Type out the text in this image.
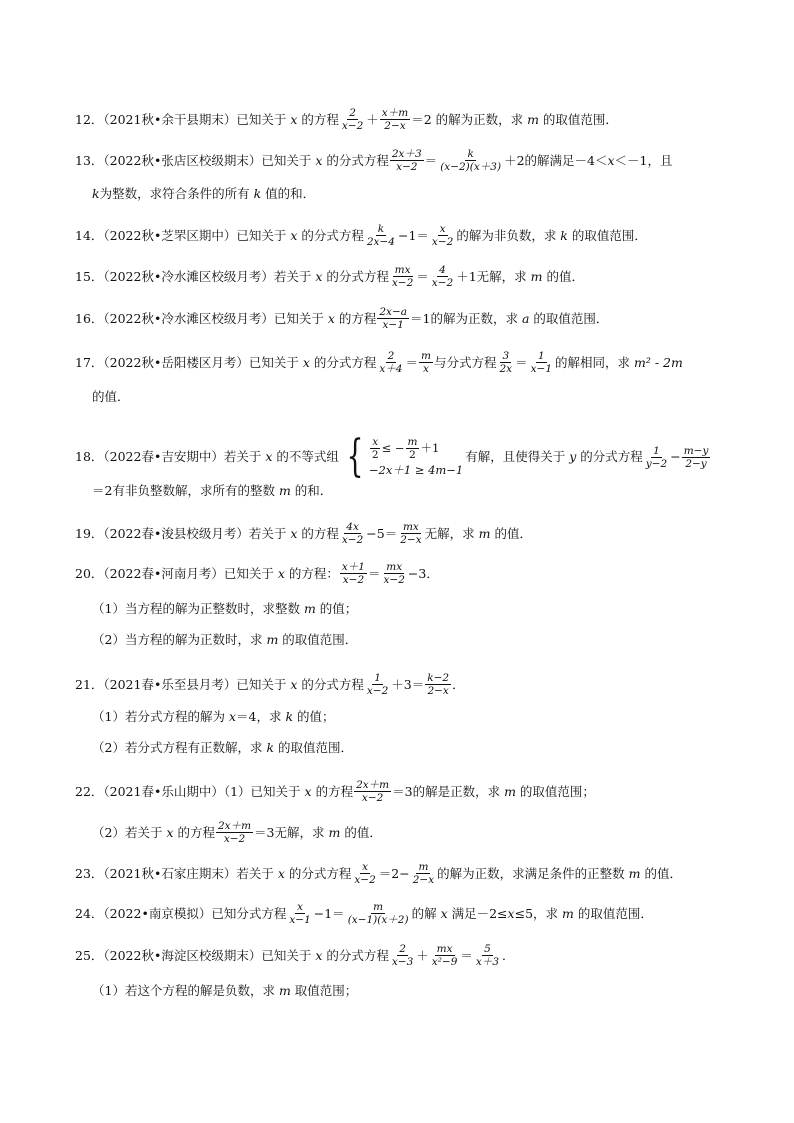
12．（2021秋•余干县期末）已知关于 x 的方程 $\frac{2}{x-2} + \frac{x+m}{2-x} =2$ 的解为正数，求 m 的取值范围．
13．（2022秋•张店区校级期末）已知关于 x 的分式方程 $\frac{2x+3}{x-2} = \frac{k}{(x-2)(x+3)} +2$的解满足－4＜ x ＜－1，且
k 为整数，求符合条件的所有 k 值的和．
14．（2022秋•芝罘区期中）已知关于 x 的分式方程 $\frac{k}{2x-4} -1= \frac{x}{x-2}$ 的解为非负数，求 k 的取值范围．
15．（2022秋•冷水滩区校级月考）若关于 x 的分式方程 $\frac{mx}{x-2} = \frac{4}{x-2} +1$无解，求 m 的值．
16．（2022秋•冷水滩区校级月考）已知关于 x 的方程 $\frac{2x-a}{x-1} =1$的解为正数，求 a 的取值范围．
17．（2022秋•岳阳楼区月考）已知关于 x 的分式方程 $\frac{2}{x+4} = \frac{m}{x}$ 与分式方程 $\frac{3}{2x} = \frac{1}{x-1}$ 的解相同，求 m² - 2m
的值．
18．（2022春•吉安期中）若关于 x 的不等式组 { $\frac{x}{2}$ ≤ − $\frac{m}{2} +1$
−2x＋1 ≥ 4m−1
有解，且使得关于 y 的分式方程 $\frac{1}{y-2} - \frac{m-y}{2-y}$
＝2有非负整数解，求所有的整数 m 的和．
19．（2022春•浚县校级月考）若关于 x 的方程 $\frac{4x}{x-2} -5= \frac{mx}{2-x}$ 无解，求 m 的值．
20．（2022春•河南月考）已知关于 x 的方程： $\frac{x+1}{x-2} = \frac{mx}{x-2} -3$．
（1）当方程的解为正整数时，求整数 m 的值；
（2）当方程的解为正数时，求 m 的取值范围．
21．（2021春•乐至县月考）已知关于 x 的分式方程 $\frac{1}{x-2} +3= \frac{k-2}{2-x}$ ．
（1）若分式方程的解为 x ＝4，求 k 的值；
（2）若分式方程有正数解，求 k 的取值范围．
22．（2021春•乐山期中）（1）已知关于 x 的方程 $\frac{2x+m}{x-2} =3$的解是正数，求 m 的取值范围；
（2）若关于 x 的方程 $\frac{2x+m}{x-2} =3$无解，求 m 的值．
23．（2021秋•石家庄期末）若关于 x 的分式方程 $\frac{x}{x-2} =2- \frac{m}{2-x}$ 的解为正数，求满足条件的正整数 m 的值．
24．（2022•南京模拟）已知分式方程 $\frac{x}{x-1} -1= \frac{m}{(x-1)(x+2)}$ 的解 x 满足－2≤ x ≤5，求 m 的取值范围．
25．（2022秋•海淀区校级期末）已知关于 x 的分式方程 $\frac{2}{x-3} + \frac{mx}{\text{x²−9}} = \frac{5}{x+3}$ ．
（1）若这个方程的解是负数，求 m 取值范围；
